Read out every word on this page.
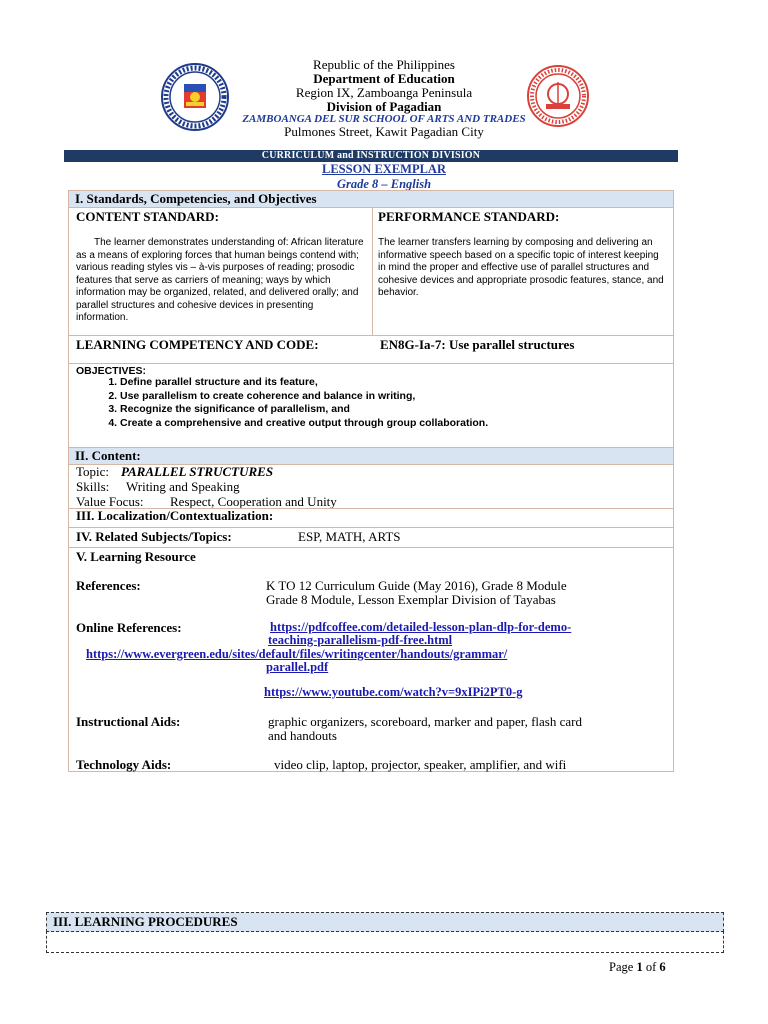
Republic of the Philippines
Department of Education
Region IX, Zamboanga Peninsula
Division of Pagadian
ZAMBOANGA DEL SUR SCHOOL OF ARTS AND TRADES
Pulmones Street, Kawit Pagadian City
CURRICULUM and INSTRUCTION DIVISION
LESSON EXEMPLAR
Grade 8 – English
I. Standards, Competencies, and Objectives
CONTENT STANDARD:
The learner demonstrates understanding of: African literature as a means of exploring forces that human beings contend with; various reading styles vis – à-vis purposes of reading; prosodic features that serve as carriers of meaning; ways by which information may be organized, related, and delivered orally; and parallel structures and cohesive devices in presenting information.
PERFORMANCE STANDARD:
The learner transfers learning by composing and delivering an informative speech based on a specific topic of interest keeping in mind the proper and effective use of parallel structures and cohesive devices and appropriate prosodic features, stance, and behavior.
LEARNING COMPETENCY AND CODE:	EN8G-Ia-7: Use parallel structures
OBJECTIVES:
1. Define parallel structure and its feature,
2. Use parallelism to create coherence and balance in writing,
3. Recognize the significance of parallelism, and
4. Create a comprehensive and creative output through group collaboration.
II. Content:
Topic: PARALLEL STRUCTURES
Skills: Writing and Speaking
Value Focus: Respect, Cooperation and Unity
III. Localization/Contextualization:
IV. Related Subjects/Topics:	ESP, MATH, ARTS
V. Learning Resource
References:	K TO 12 Curriculum Guide (May 2016), Grade 8 Module
Grade 8 Module, Lesson Exemplar Division of Tayabas
Online References:	https://pdfcoffee.com/detailed-lesson-plan-dlp-for-demo-
teaching-parallelism-pdf-free.html
https://www.evergreen.edu/sites/default/files/writingcenter/handouts/grammar/
parallel.pdf
https://www.youtube.com/watch?v=9xIPi2PT0-g
Instructional Aids:	graphic organizers, scoreboard, marker and paper, flash card
and handouts
Technology Aids:	video clip, laptop, projector, speaker, amplifier, and wifi
III. LEARNING PROCEDURES
Page 1 of 6
